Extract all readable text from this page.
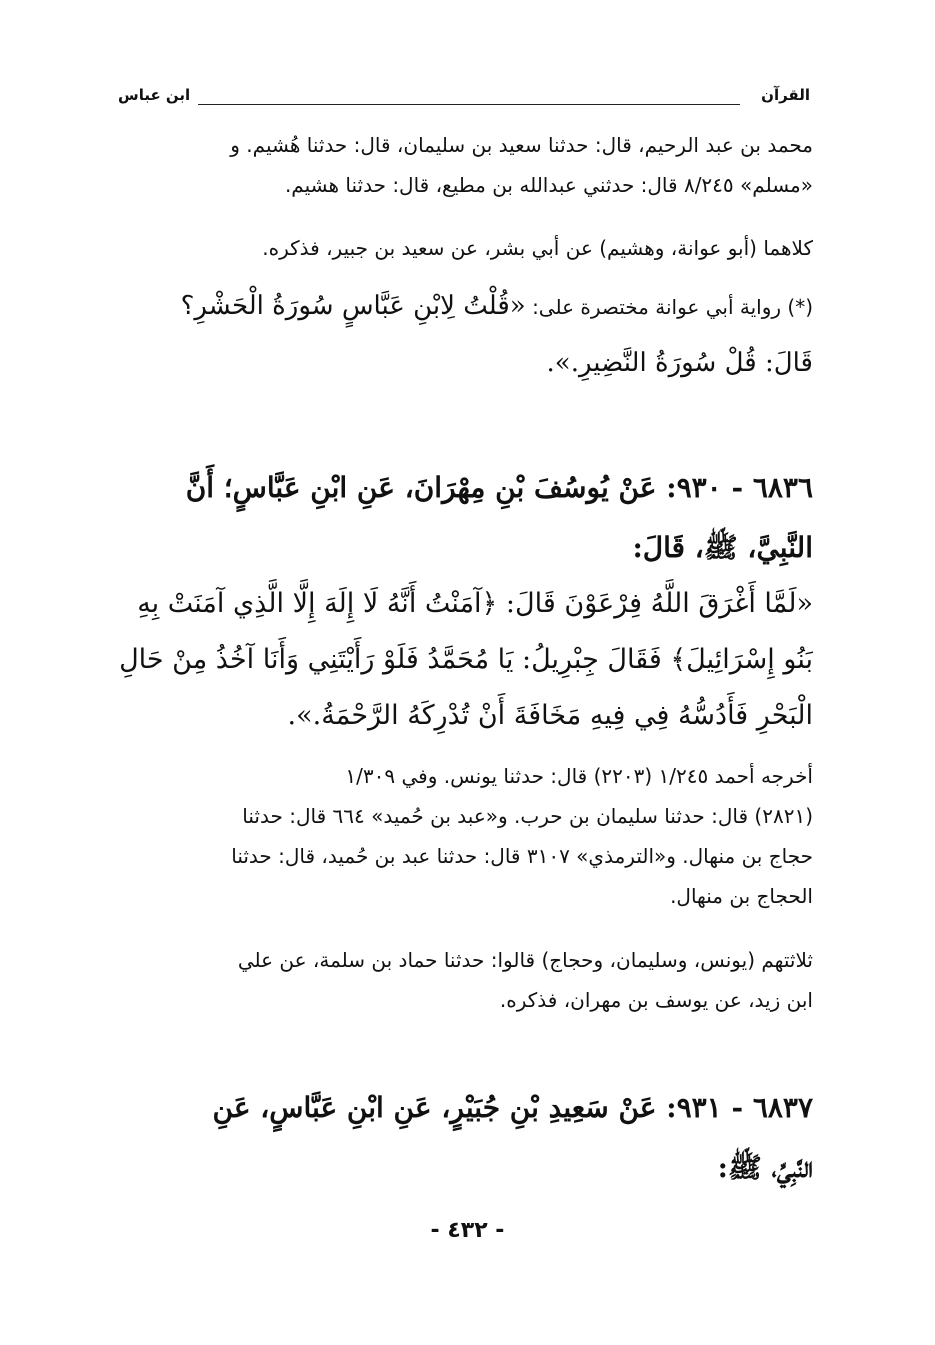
القرآن
ابن عباس
محمد بن عبد الرحيم، قال: حدثنا سعيد بن سليمان، قال: حدثنا هُشيم. و
«مسلم» ٨/٢٤٥ قال: حدثني عبدالله بن مطيع، قال: حدثنا هشيم.
كلاهما (أبو عوانة، وهشيم) عن أبي بشر، عن سعيد بن جبير، فذكره.
(*) رواية أبي عوانة مختصرة على: «قُلْتُ لِابْنِ عَبَّاسٍ سُورَةُ الْحَشْرِ؟
قَالَ: قُلْ سُورَةُ النَّضِيرِ.».
٦٨٣٦ - ٩٣٠: عَنْ يُوسُفَ بْنِ مِهْرَانَ، عَنِ ابْنِ عَبَّاسٍ؛ أَنَّ
النَّبِيَّ، ﷺ، قَالَ:
«لَمَّا أَغْرَقَ اللَّهُ فِرْعَوْنَ قَالَ: ﴿آمَنْتُ أَنَّهُ لَا إِلَهَ إِلَّا الَّذِي آمَنَتْ بِهِ
بَنُو إِسْرَائِيلَ﴾ فَقَالَ جِبْرِيلُ: يَا مُحَمَّدُ فَلَوْ رَأَيْتَنِي وَأَنَا آخُذُ مِنْ حَالِ
الْبَحْرِ فَأَدُسُّهُ فِي فِيهِ مَخَافَةَ أَنْ تُدْرِكَهُ الرَّحْمَةُ.».
أخرجه أحمد ١/٢٤٥ (٢٢٠٣) قال: حدثنا يونس. وفي ١/٣٠٩
(٢٨٢١) قال: حدثنا سليمان بن حرب. و«عبد بن حُميد» ٦٦٤ قال: حدثنا
حجاج بن منهال. و«الترمذي» ٣١٠٧ قال: حدثنا عبد بن حُميد، قال: حدثنا
الحجاج بن منهال.
ثلاثتهم (يونس، وسليمان، وحجاج) قالوا: حدثنا حماد بن سلمة، عن علي
ابن زيد، عن يوسف بن مهران، فذكره.
٦٨٣٧ - ٩٣١: عَنْ سَعِيدِ بْنِ جُبَيْرٍ، عَنِ ابْنِ عَبَّاسٍ، عَنِ
النَّبِيِّ، ﷺ:
- ٤٣٢ -
